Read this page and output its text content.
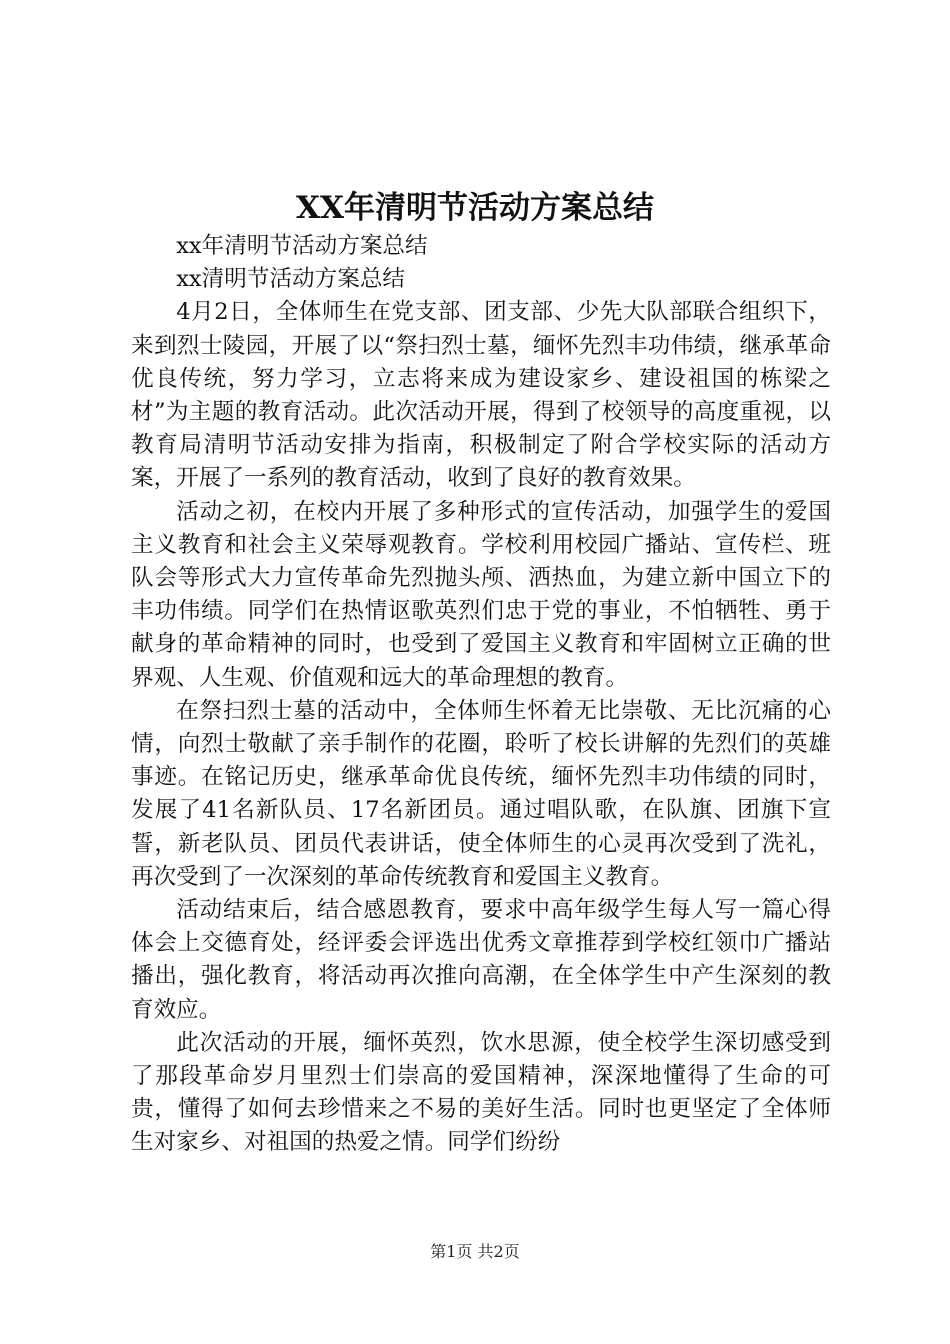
XX年清明节活动方案总结

xx年清明节活动方案总结

xx清明节活动方案总结

4月2日，全体师生在党支部、团支部、少先大队部联合组织下，来到烈士陵园，开展了以“祭扫烈士墓，缅怀先烈丰功伟绩，继承革命优良传统，努力学习，立志将来成为建设家乡、建设祖国的栋梁之材”为主题的教育活动。此次活动开展，得到了校领导的高度重视，以教育局清明节活动安排为指南，积极制定了附合学校实际的活动方案，开展了一系列的教育活动，收到了良好的教育效果。

活动之初，在校内开展了多种形式的宣传活动，加强学生的爱国主义教育和社会主义荣辱观教育。学校利用校园广播站、宣传栏、班队会等形式大力宣传革命先烈抛头颅、洒热血，为建立新中国立下的丰功伟绩。同学们在热情讴歌英烈们忠于党的事业，不怕牺牲、勇于献身的革命精神的同时，也受到了爱国主义教育和牢固树立正确的世界观、人生观、价值观和远大的革命理想的教育。

在祭扫烈士墓的活动中，全体师生怀着无比崇敬、无比沉痛的心情，向烈士敬献了亲手制作的花圈，聆听了校长讲解的先烈们的英雄事迹。在铭记历史，继承革命优良传统，缅怀先烈丰功伟绩的同时，发展了41名新队员、17名新团员。通过唱队歌，在队旗、团旗下宣誓，新老队员、团员代表讲话，使全体师生的心灵再次受到了洗礼，再次受到了一次深刻的革命传统教育和爱国主义教育。

活动结束后，结合感恩教育，要求中高年级学生每人写一篇心得体会上交德育处，经评委会评选出优秀文章推荐到学校红领巾广播站播出，强化教育，将活动再次推向高潮，在全体学生中产生深刻的教育效应。

此次活动的开展，缅怀英烈，饮水思源，使全校学生深切感受到了那段革命岁月里烈士们崇高的爱国精神，深深地懂得了生命的可贵，懂得了如何去珍惜来之不易的美好生活。同时也更坚定了全体师生对家乡、对祖国的热爱之情。同学们纷纷

第1页 共2页
